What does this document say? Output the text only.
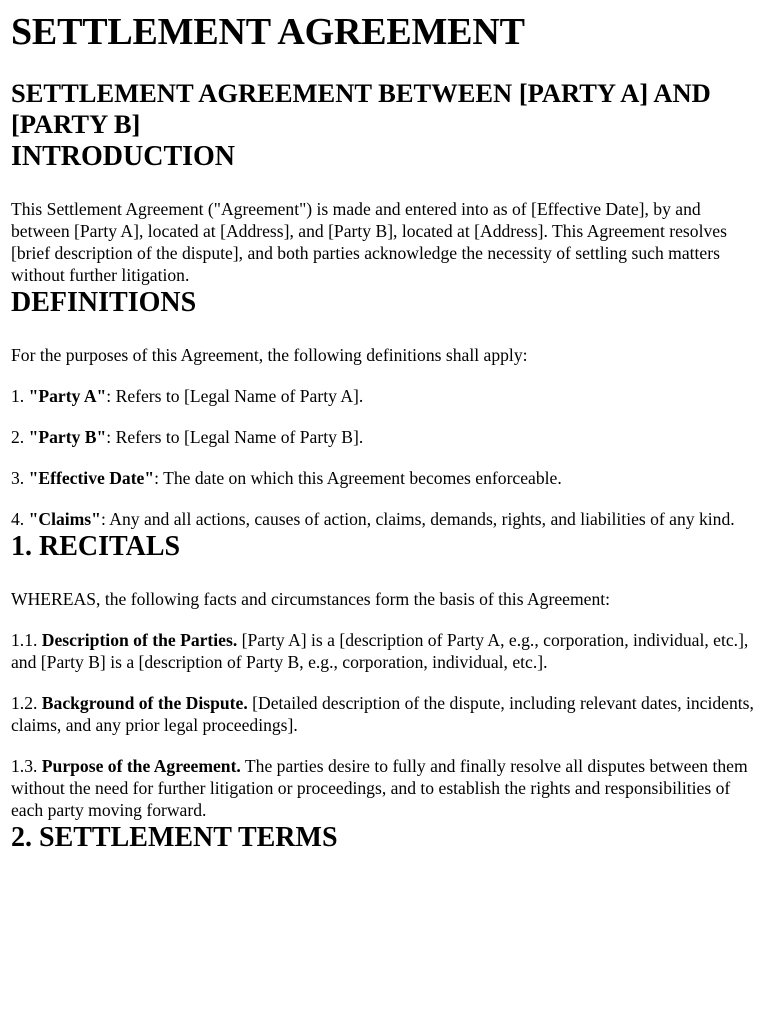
SETTLEMENT AGREEMENT
SETTLEMENT AGREEMENT BETWEEN [PARTY A] AND [PARTY B]
INTRODUCTION

This Settlement Agreement ("Agreement") is made and entered into as of [Effective Date], by and between [Party A], located at [Address], and [Party B], located at [Address]. This Agreement resolves [brief description of the dispute], and both parties acknowledge the necessity of settling such matters without further litigation.

DEFINITIONS

For the purposes of this Agreement, the following definitions shall apply:

1. "Party A": Refers to [Legal Name of Party A].

2. "Party B": Refers to [Legal Name of Party B].

3. "Effective Date": The date on which this Agreement becomes enforceable.

4. "Claims": Any and all actions, causes of action, claims, demands, rights, and liabilities of any kind.

1. RECITALS

WHEREAS, the following facts and circumstances form the basis of this Agreement:

1.1. Description of the Parties. [Party A] is a [description of Party A, e.g., corporation, individual, etc.], and [Party B] is a [description of Party B, e.g., corporation, individual, etc.].

1.2. Background of the Dispute. [Detailed description of the dispute, including relevant dates, incidents, claims, and any prior legal proceedings].

1.3. Purpose of the Agreement. The parties desire to fully and finally resolve all disputes between them without the need for further litigation or proceedings, and to establish the rights and responsibilities of each party moving forward.

2. SETTLEMENT TERMS
